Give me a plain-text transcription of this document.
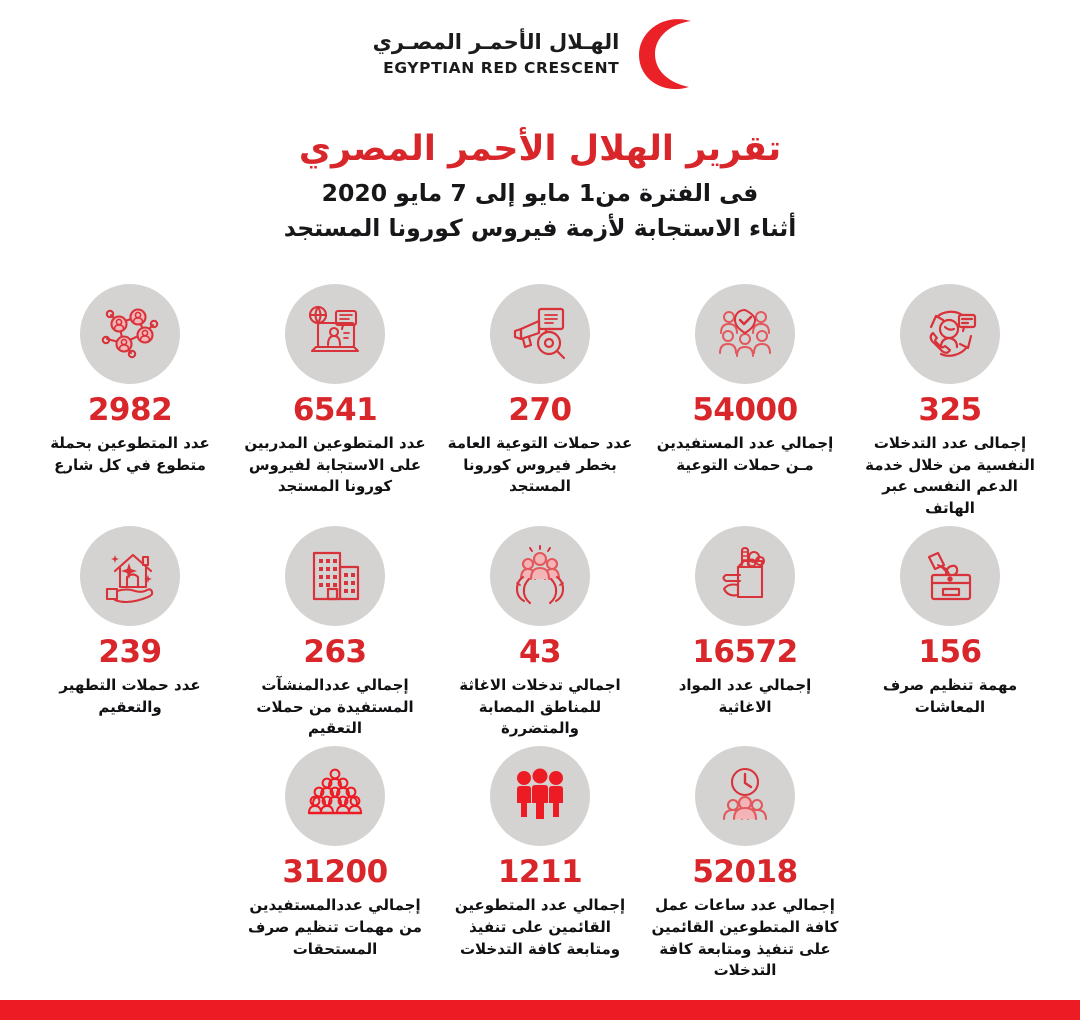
الهـلال الأحمـر المصـري
EGYPTIAN RED CRESCENT
تقرير الهلال الأحمر المصري
فى الفترة من1 مايو إلى 7 مايو 2020
أثناء الاستجابة لأزمة فيروس كورونا المستجد
325
إجمالى عدد التدخلات النفسية من خلال خدمة الدعم النفسى عبر الهاتف
54000
إجمالي عدد المستفيدين مـن حملات التوعية
270
عدد حملات التوعية العامة بخطر فيروس كورونا المستجد
6541
عدد المتطوعين المدربين على الاستجابة لفيروس كورونا المستجد
2982
عدد المتطوعين بحملة متطوع في كل شارع
156
مهمة تنظيم صرف المعاشات
16572
إجمالي عدد المواد الاغاثية
43
اجمالي تدخلات الاغاثة للمناطق المصابة والمتضررة
263
إجمالي عددالمنشآت المستفيدة من حملات التعقيم
239
عدد حملات التطهير والتعقيم
52018
إجمالي عدد ساعات عمل كافة المتطوعين القائمين على تنفيذ ومتابعة كافة التدخلات
1211
إجمالي عدد المتطوعين القائمين على تنفيذ ومتابعة كافة التدخلات
31200
إجمالي عددالمستفيدين من مهمات تنظيم صرف المستحقات
